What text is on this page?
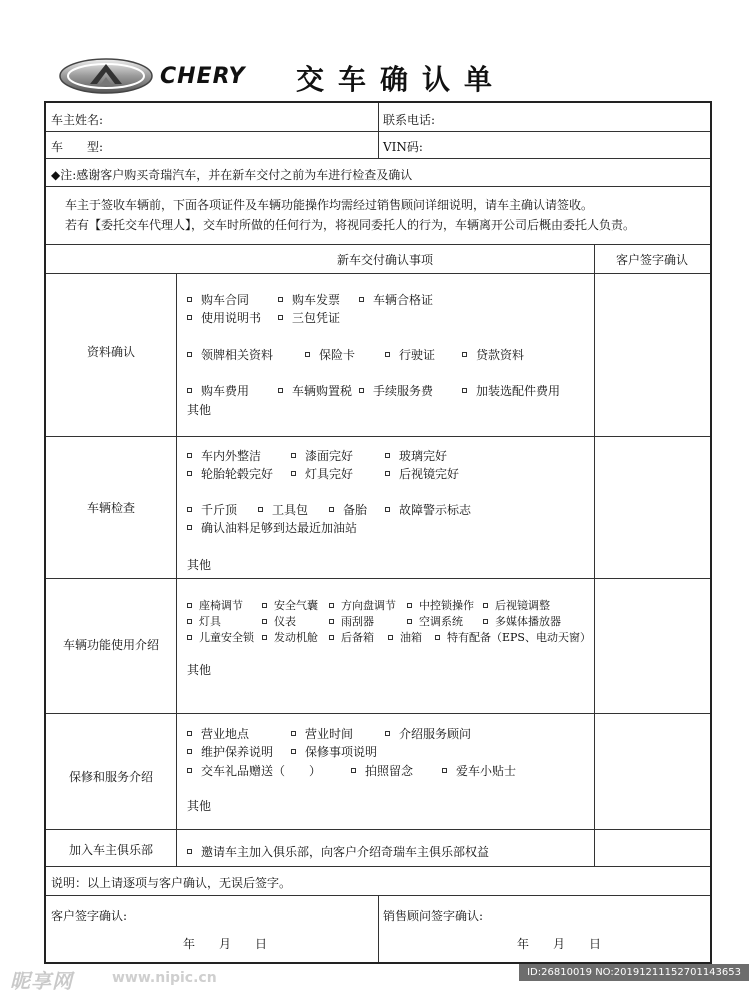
CHERY 交车确认单
车主姓名:	联系电话:
车　　型:	VIN码:
◆注:感谢客户购买奇瑞汽车，并在新车交付之前为车进行检查及确认
车主于签收车辆前，下面各项证件及车辆功能操作均需经过销售顾问详细说明，请车主确认请签收。
若有【委托交车代理人】，交车时所做的任何行为，将视同委托人的行为，车辆离开公司后概由委托人负责。
新车交付确认事项	客户签字确认
资料确认
购车合同	购车发票	车辆合格证
使用说明书	三包凭证
领牌相关资料	保险卡	行驶证	贷款资料
购车费用	车辆购置税	手续服务费	加装选配件费用
其他
车辆检查
车内外整洁	漆面完好	玻璃完好
轮胎轮毂完好	灯具完好	后视镜完好
千斤顶	工具包	备胎	故障警示标志
确认油料足够到达最近加油站
其他
车辆功能使用介绍
座椅调节	安全气囊	方向盘调节	中控锁操作	后视镜调整
灯具	仪表	雨刮器	空调系统	多媒体播放器
儿童安全锁	发动机舱	后备箱	油箱	特有配备（EPS、电动天窗）
其他
保修和服务介绍
营业地点	营业时间	介绍服务顾问
维护保养说明	保修事项说明
交车礼品赠送（　　）	拍照留念	爱车小贴士
其他
加入车主俱乐部	邀请车主加入俱乐部，向客户介绍奇瑞车主俱乐部权益
说明：以上请逐项与客户确认，无误后签字。
客户签字确认:	销售顾问签字确认:
年　　月　　日	年　　月　　日
昵享网	www.nipic.cn	ID:26810019 NO:20191211152701143653
